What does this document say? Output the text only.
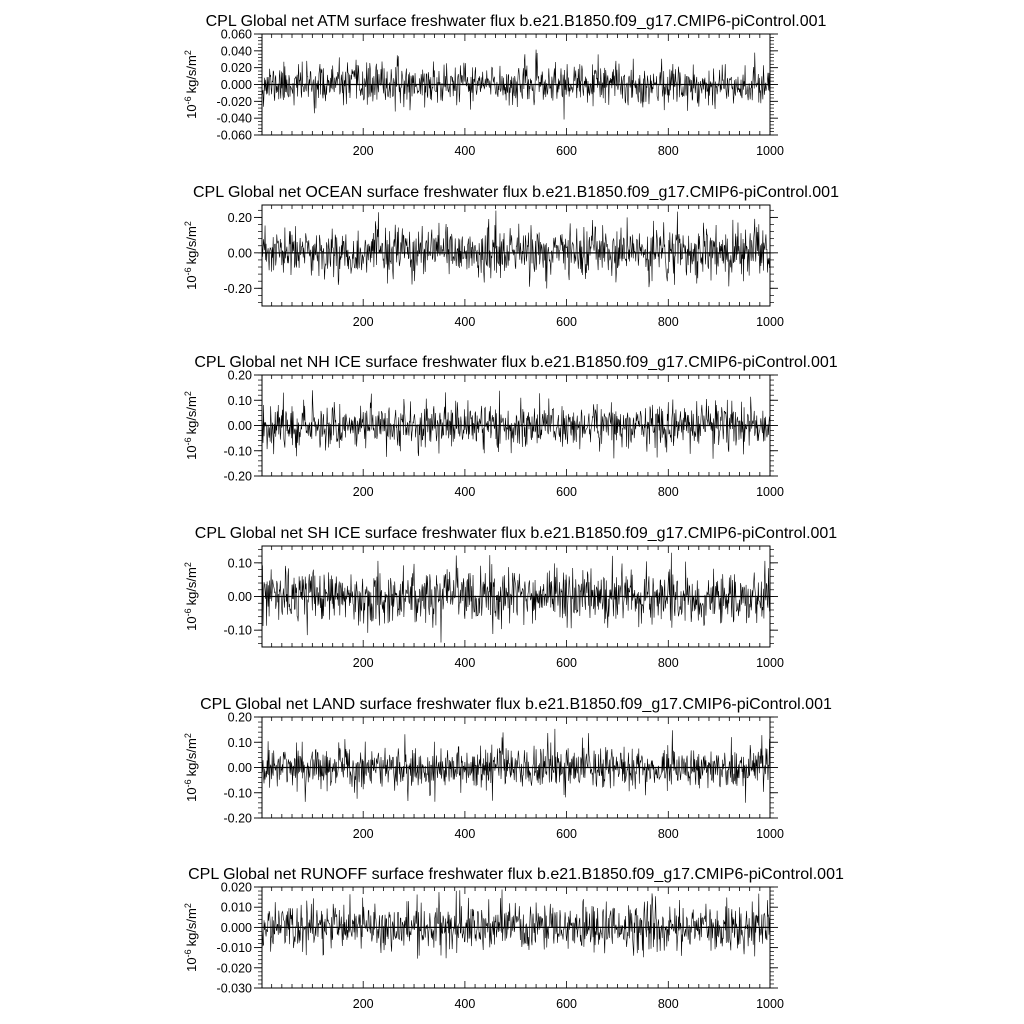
CPL Global net ATM surface freshwater flux b.e21.B1850.f09_g17.CMIP6-piControl.001
200	400	600	800	1000
-0.060
-0.040
-0.020
0.000
0.020
0.040
0.060
$10^{-6}kg/s/m^2$
CPL Global net OCEAN surface freshwater flux b.e21.B1850.f09_g17.CMIP6-piControl.001
200	400	600	800	1000
-0.20
0.00
0.20
$10^{-6}kg/s/m^2$
CPL Global net NH ICE surface freshwater flux b.e21.B1850.f09_g17.CMIP6-piControl.001
200	400	600	800	1000
-0.20
-0.10
0.00
0.10
0.20
$10^{-6}kg/s/m^2$
CPL Global net SH ICE surface freshwater flux b.e21.B1850.f09_g17.CMIP6-piControl.001
200	400	600	800	1000
-0.10
0.00
0.10
$10^{-6}kg/s/m^2$
CPL Global net LAND surface freshwater flux b.e21.B1850.f09_g17.CMIP6-piControl.001
200	400	600	800	1000
-0.20
-0.10
0.00
0.10
0.20
$10^{-6}kg/s/m^2$
CPL Global net RUNOFF surface freshwater flux b.e21.B1850.f09_g17.CMIP6-piControl.001
200	400	600	800	1000
-0.030
-0.020
-0.010
0.000
0.010
0.020
$10^{-6}kg/s/m^2$
